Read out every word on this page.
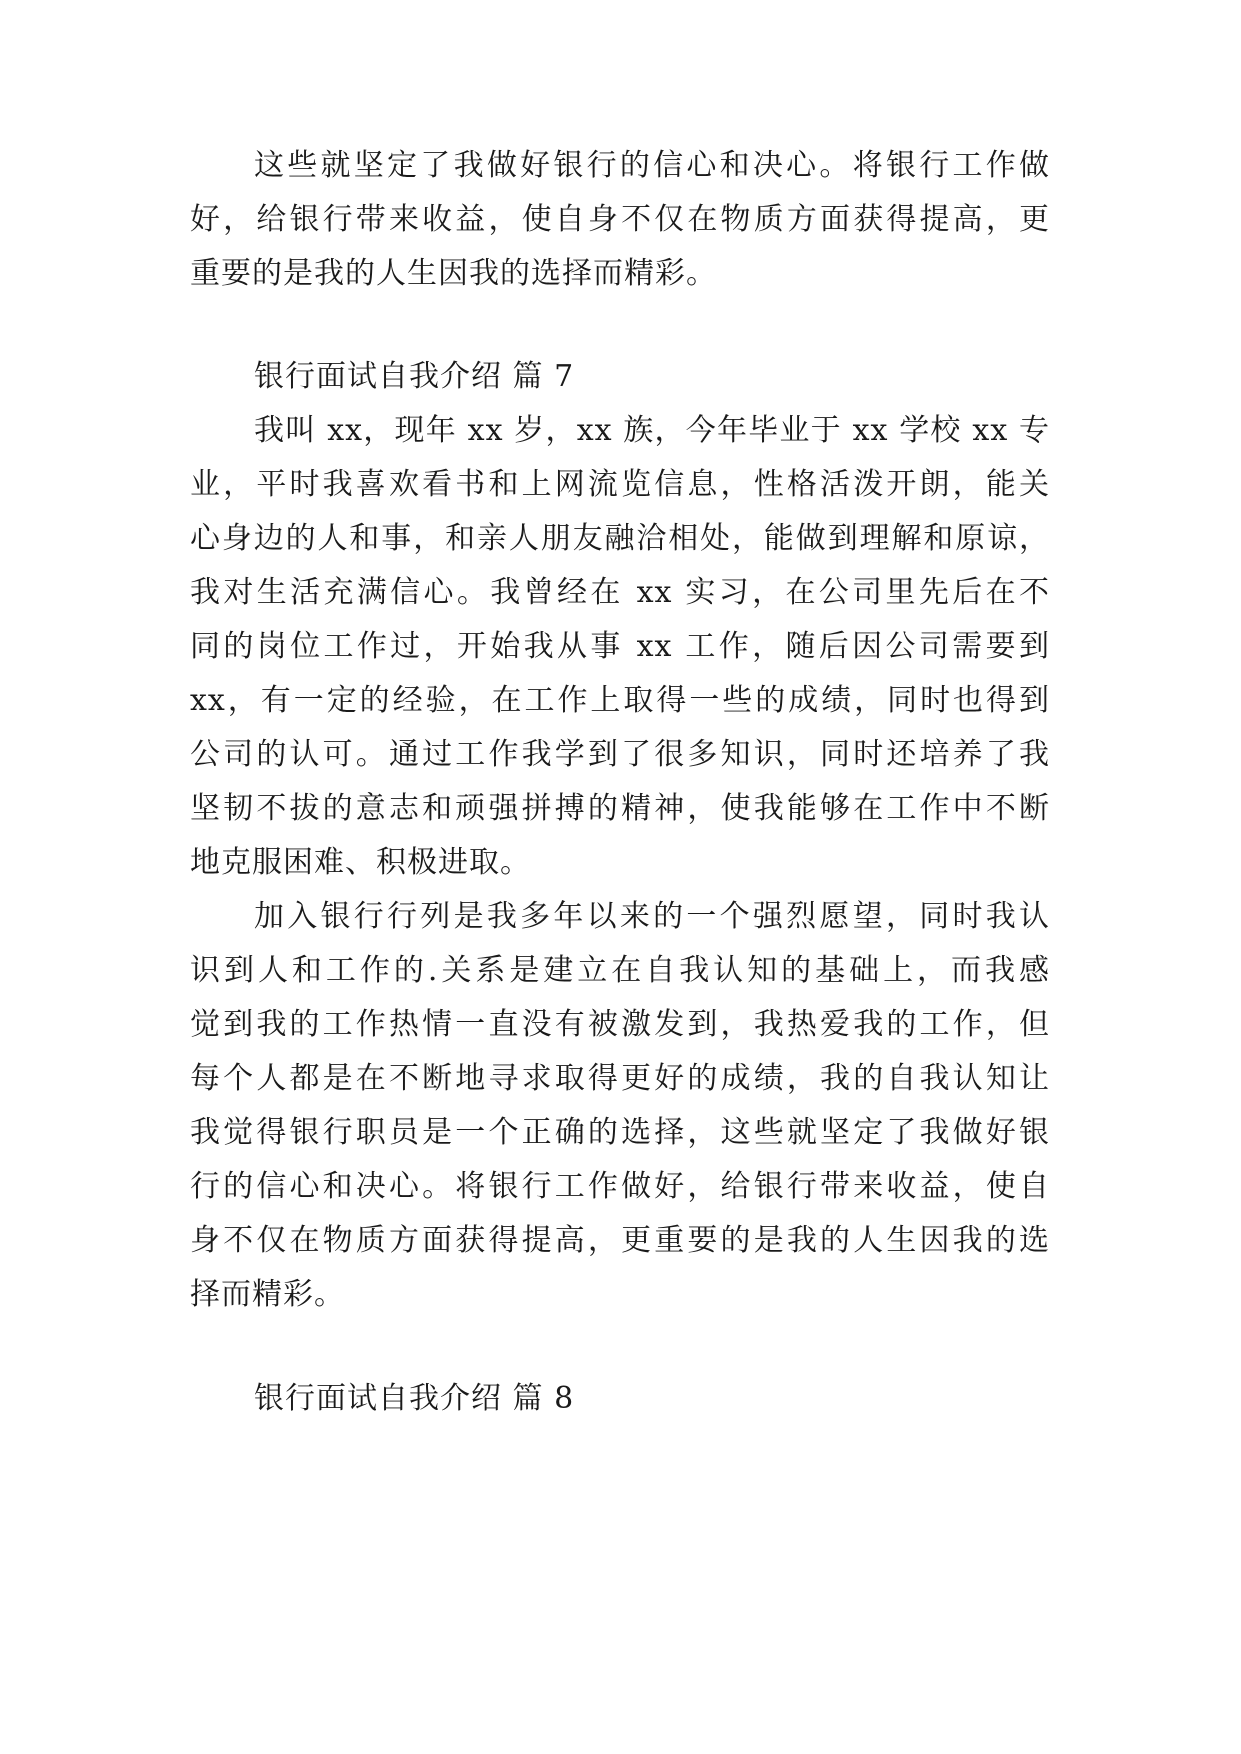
这些就坚定了我做好银行的信心和决心。将银行工作做
好，给银行带来收益，使自身不仅在物质方面获得提高，更
重要的是我的人生因我的选择而精彩。
银行面试自我介绍 篇 7
我叫 xx，现年 xx 岁，xx 族，今年毕业于 xx 学校 xx 专
业，平时我喜欢看书和上网流览信息，性格活泼开朗，能关
心身边的人和事，和亲人朋友融洽相处，能做到理解和原谅，
我对生活充满信心。我曾经在 xx 实习，在公司里先后在不
同的岗位工作过，开始我从事 xx 工作，随后因公司需要到
xx，有一定的经验，在工作上取得一些的成绩，同时也得到
公司的认可。通过工作我学到了很多知识，同时还培养了我
坚韧不拔的意志和顽强拼搏的精神，使我能够在工作中不断
地克服困难、积极进取。
加入银行行列是我多年以来的一个强烈愿望，同时我认
识到人和工作的.关系是建立在自我认知的基础上，而我感
觉到我的工作热情一直没有被激发到，我热爱我的工作，但
每个人都是在不断地寻求取得更好的成绩，我的自我认知让
我觉得银行职员是一个正确的选择，这些就坚定了我做好银
行的信心和决心。将银行工作做好，给银行带来收益，使自
身不仅在物质方面获得提高，更重要的是我的人生因我的选
择而精彩。
银行面试自我介绍 篇 8
